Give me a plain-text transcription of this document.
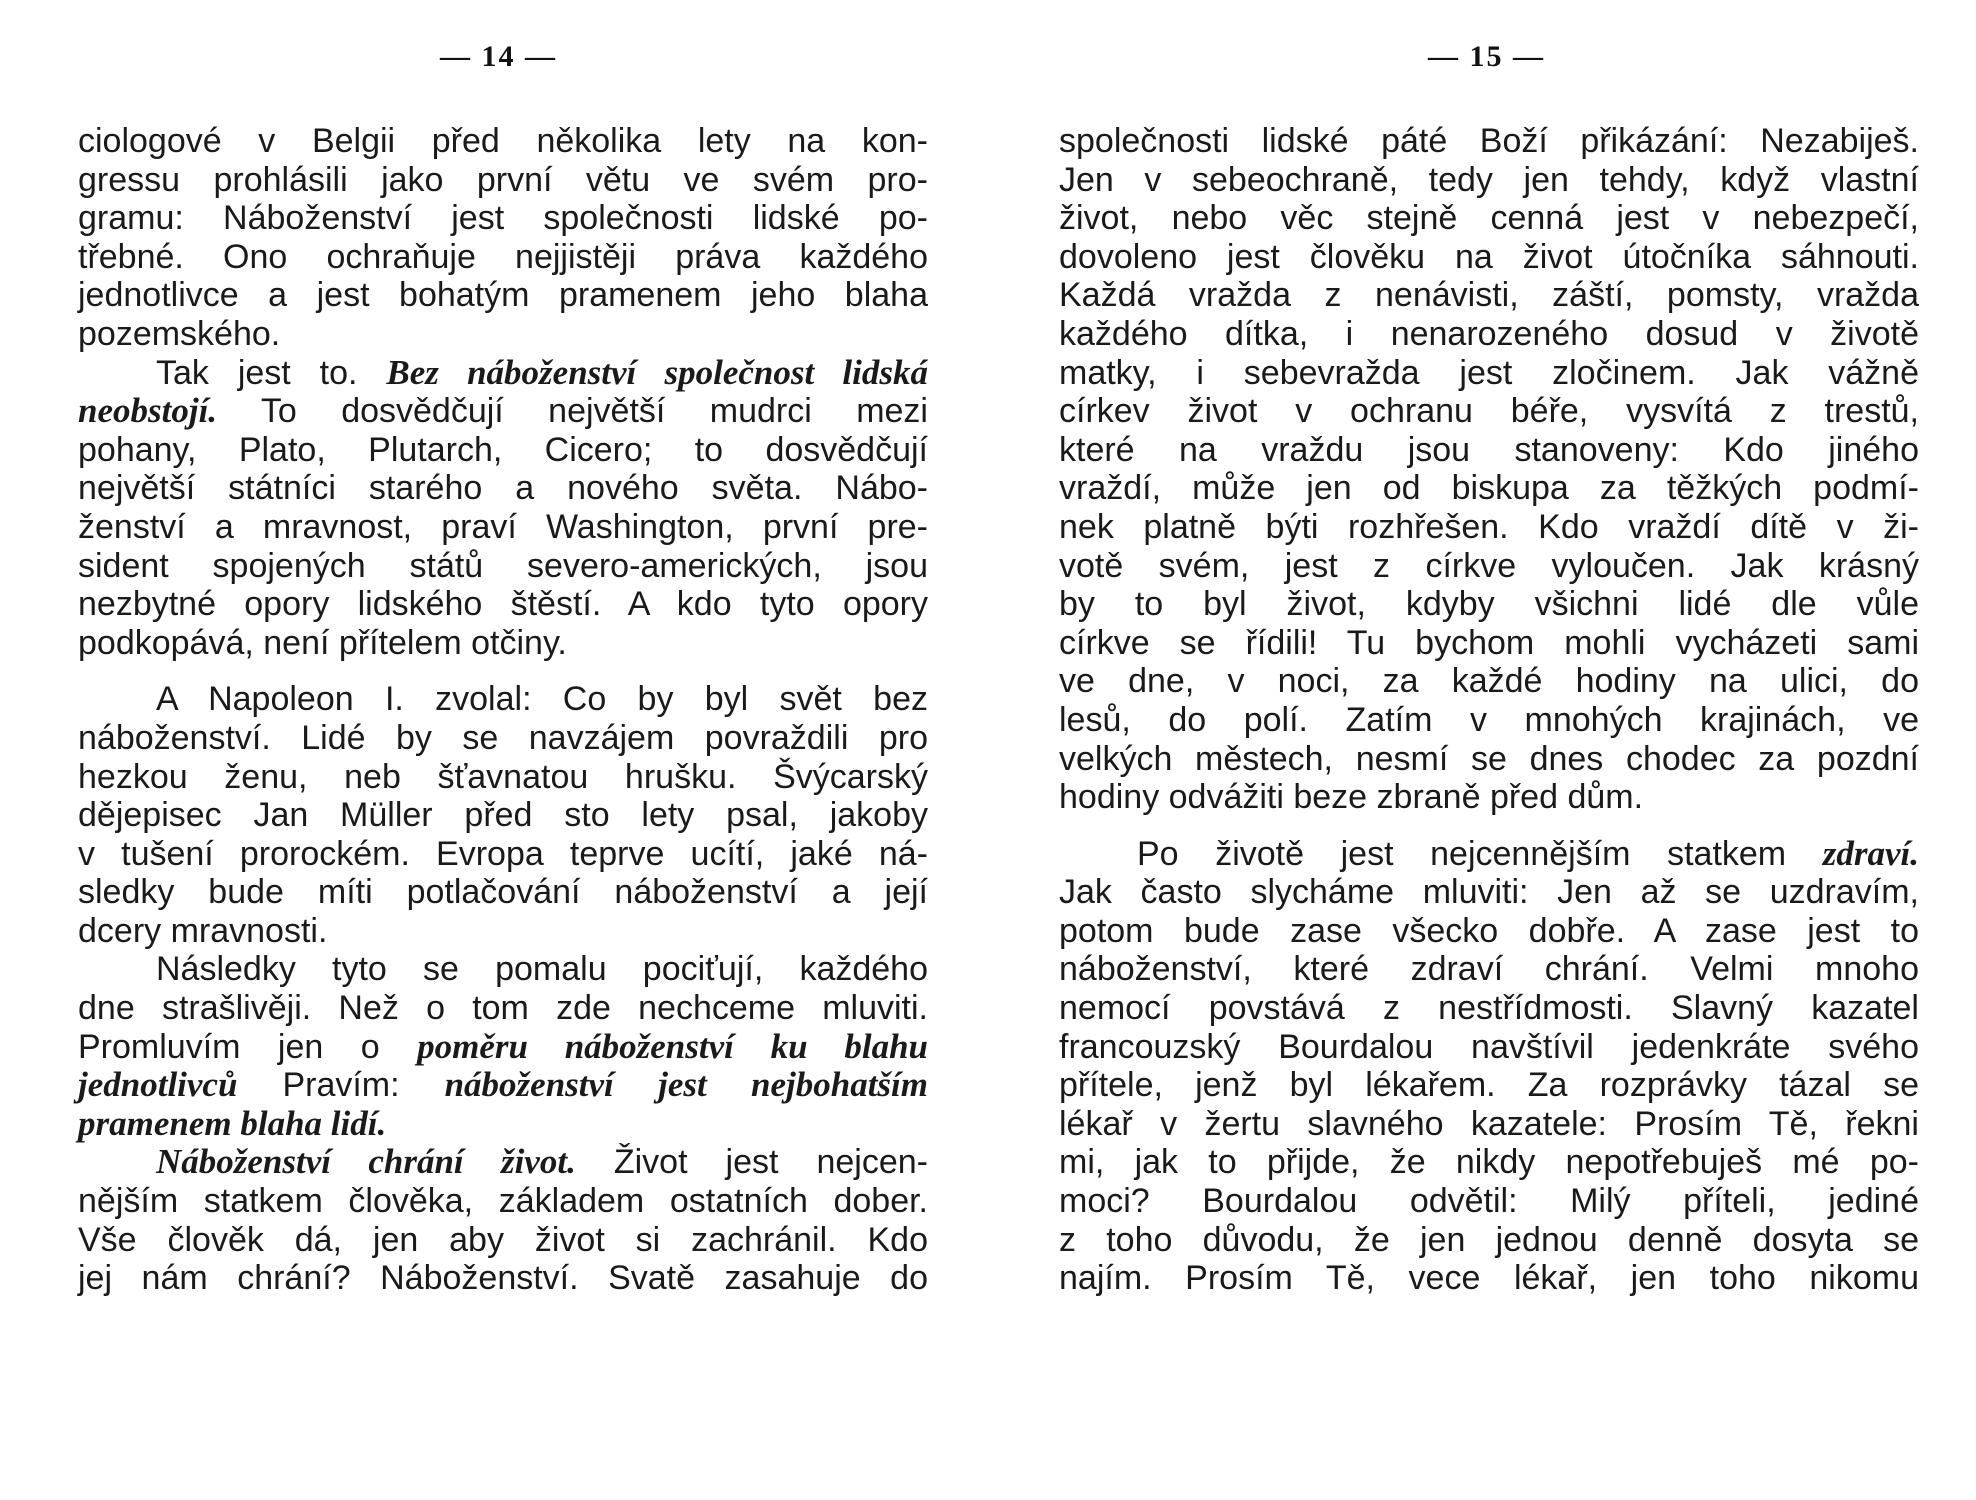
— 14 —
ciologové v Belgii před několika lety na kon-
gressu prohlásili jako první větu ve svém pro-
gramu: Náboženství jest společnosti lidské po-
třebné. Ono ochraňuje nejjistěji práva každého
jednotlivce a jest bohatým pramenem jeho blaha
pozemského.
Tak jest to. Bez náboženství společnost lidská
neobstojí. To dosvědčují největší mudrci mezi
pohany, Plato, Plutarch, Cicero; to dosvědčují
největší státníci starého a nového světa. Nábo-
ženství a mravnost, praví Washington, první pre-
sident spojených států severo-amerických, jsou
nezbytné opory lidského štěstí. A kdo tyto opory
podkopává, není přítelem otčiny.
A Napoleon I. zvolal: Co by byl svět bez
náboženství. Lidé by se navzájem povraždili pro
hezkou ženu, neb šťavnatou hrušku. Švýcarský
dějepisec Jan Müller před sto lety psal, jakoby
v tušení prorockém. Evropa teprve ucítí, jaké ná-
sledky bude míti potlačování náboženství a její
dcery mravnosti.
Následky tyto se pomalu pociťují, každého
dne strašlivěji. Než o tom zde nechceme mluviti.
Promluvím jen o poměru náboženství ku blahu
jednotlivců Pravím: náboženství jest nejbohatším
pramenem blaha lidí.
Náboženství chrání život. Život jest nejcen-
nějším statkem člověka, základem ostatních dober.
Vše člověk dá, jen aby život si zachránil. Kdo
jej nám chrání? Náboženství. Svatě zasahuje do
— 15 —
společnosti lidské páté Boží přikázání: Nezabiješ.
Jen v sebeochraně, tedy jen tehdy, když vlastní
život, nebo věc stejně cenná jest v nebezpečí,
dovoleno jest člověku na život útočníka sáhnouti.
Každá vražda z nenávisti, záští, pomsty, vražda
každého dítka, i nenarozeného dosud v životě
matky, i sebevražda jest zločinem. Jak vážně
církev život v ochranu béře, vysvítá z trestů,
které na vraždu jsou stanoveny: Kdo jiného
vraždí, může jen od biskupa za těžkých podmí-
nek platně býti rozhřešen. Kdo vraždí dítě v ži-
votě svém, jest z církve vyloučen. Jak krásný
by to byl život, kdyby všichni lidé dle vůle
církve se řídili! Tu bychom mohli vycházeti sami
ve dne, v noci, za každé hodiny na ulici, do
lesů, do polí. Zatím v mnohých krajinách, ve
velkých městech, nesmí se dnes chodec za pozdní
hodiny odvážiti beze zbraně před dům.
Po životě jest nejcennějším statkem zdraví.
Jak často slycháme mluviti: Jen až se uzdravím,
potom bude zase všecko dobře. A zase jest to
náboženství, které zdraví chrání. Velmi mnoho
nemocí povstává z nestřídmosti. Slavný kazatel
francouzský Bourdalou navštívil jedenkráte svého
přítele, jenž byl lékařem. Za rozprávky tázal se
lékař v žertu slavného kazatele: Prosím Tě, řekni
mi, jak to přijde, že nikdy nepotřebuješ mé po-
moci? Bourdalou odvětil: Milý příteli, jediné
z toho důvodu, že jen jednou denně dosyta se
najím. Prosím Tě, vece lékař, jen toho nikomu
